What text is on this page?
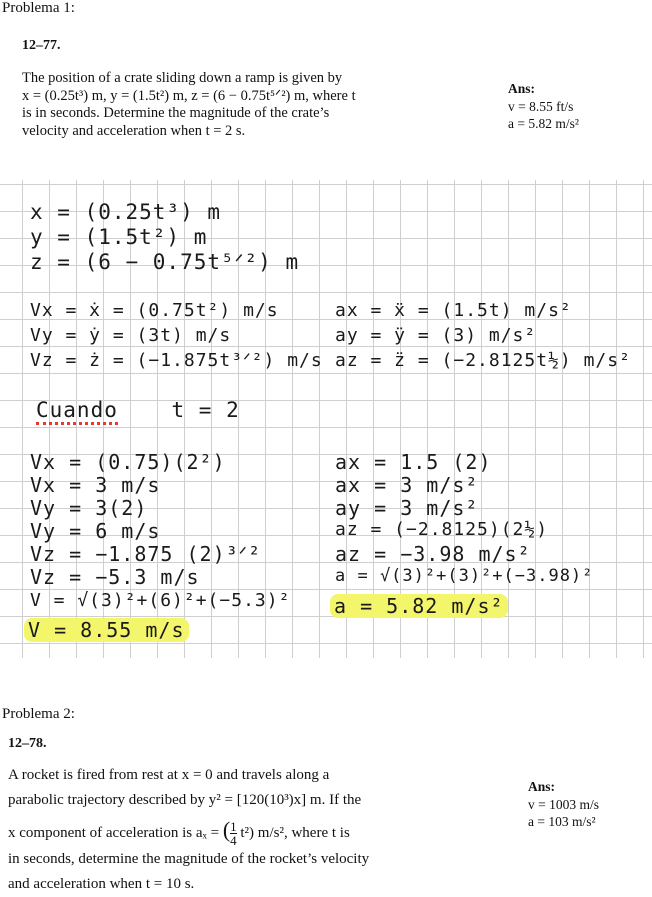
Problema 1:
12–77.
The position of a crate sliding down a ramp is given by
x = (0.25t³) m, y = (1.5t²) m, z = (6 − 0.75t⁵ᐟ²) m, where t
is in seconds. Determine the magnitude of the crate’s
velocity and acceleration when t = 2 s.
Ans:
v = 8.55 ft/s
a = 5.82 m/s²
x = (0.25t³) m
y = (1.5t²) m
z = (6 − 0.75t⁵ᐟ²) m
Vx = ẋ = (0.75t²) m/s
Vy = ẏ = (3t) m/s
Vz = ż = (−1.875t³ᐟ²) m/s
ax = ẍ = (1.5t) m/s²
ay = ÿ = (3) m/s²
az = z̈ = (−2.8125t½) m/s²
Cuando	t = 2
Vx = (0.75)(2²)
Vx = 3 m/s
Vy = 3(2)
Vy = 6 m/s
Vz = −1.875 (2)³ᐟ²
Vz = −5.3 m/s
V = √(3)²+(6)²+(−5.3)²
V = 8.55 m/s
ax = 1.5 (2)
ax = 3 m/s²
ay = 3 m/s²
az = (−2.8125)(2½)
az = −3.98 m/s²
a = √(3)²+(3)²+(−3.98)²
a = 5.82 m/s²
Problema 2:
12–78.
A rocket is fired from rest at x = 0 and travels along a
parabolic trajectory described by y² = [120(10³)x] m. If the
x component of acceleration is aₓ = ( $\frac{1}{4} t^2$) m/s², where t is
in seconds, determine the magnitude of the rocket’s velocity
and acceleration when t = 10 s.
Ans:
v = 1003 m/s
a = 103 m/s²
